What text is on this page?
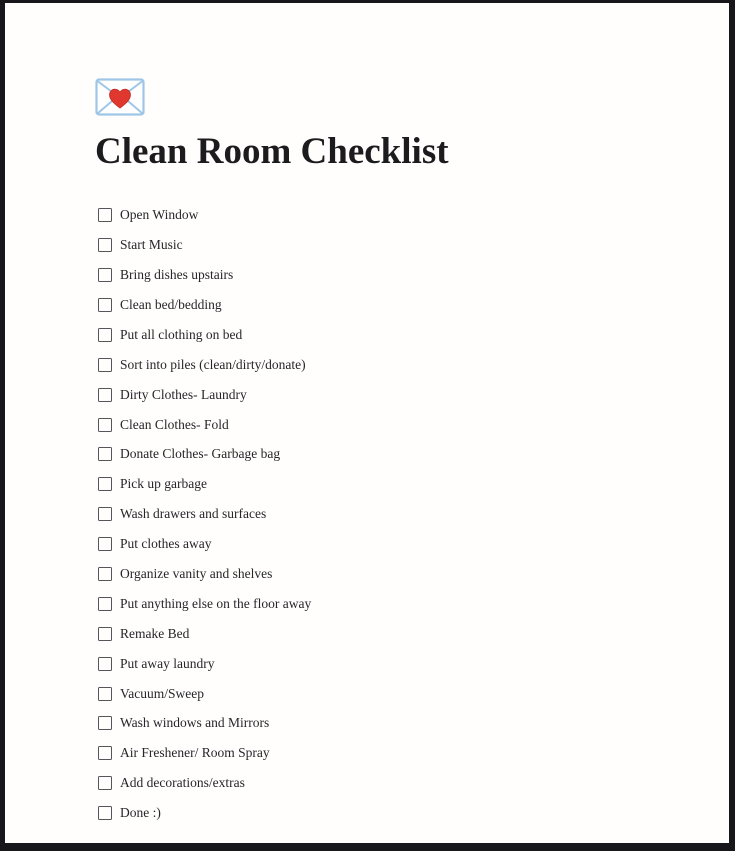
Clean Room Checklist
Open Window
Start Music
Bring dishes upstairs
Clean bed/bedding
Put all clothing on bed
Sort into piles (clean/dirty/donate)
Dirty Clothes- Laundry
Clean Clothes- Fold
Donate Clothes- Garbage bag
Pick up garbage
Wash drawers and surfaces
Put clothes away
Organize vanity and shelves
Put anything else on the floor away
Remake Bed
Put away laundry
Vacuum/Sweep
Wash windows and Mirrors
Air Freshener/ Room Spray
Add decorations/extras
Done :)
